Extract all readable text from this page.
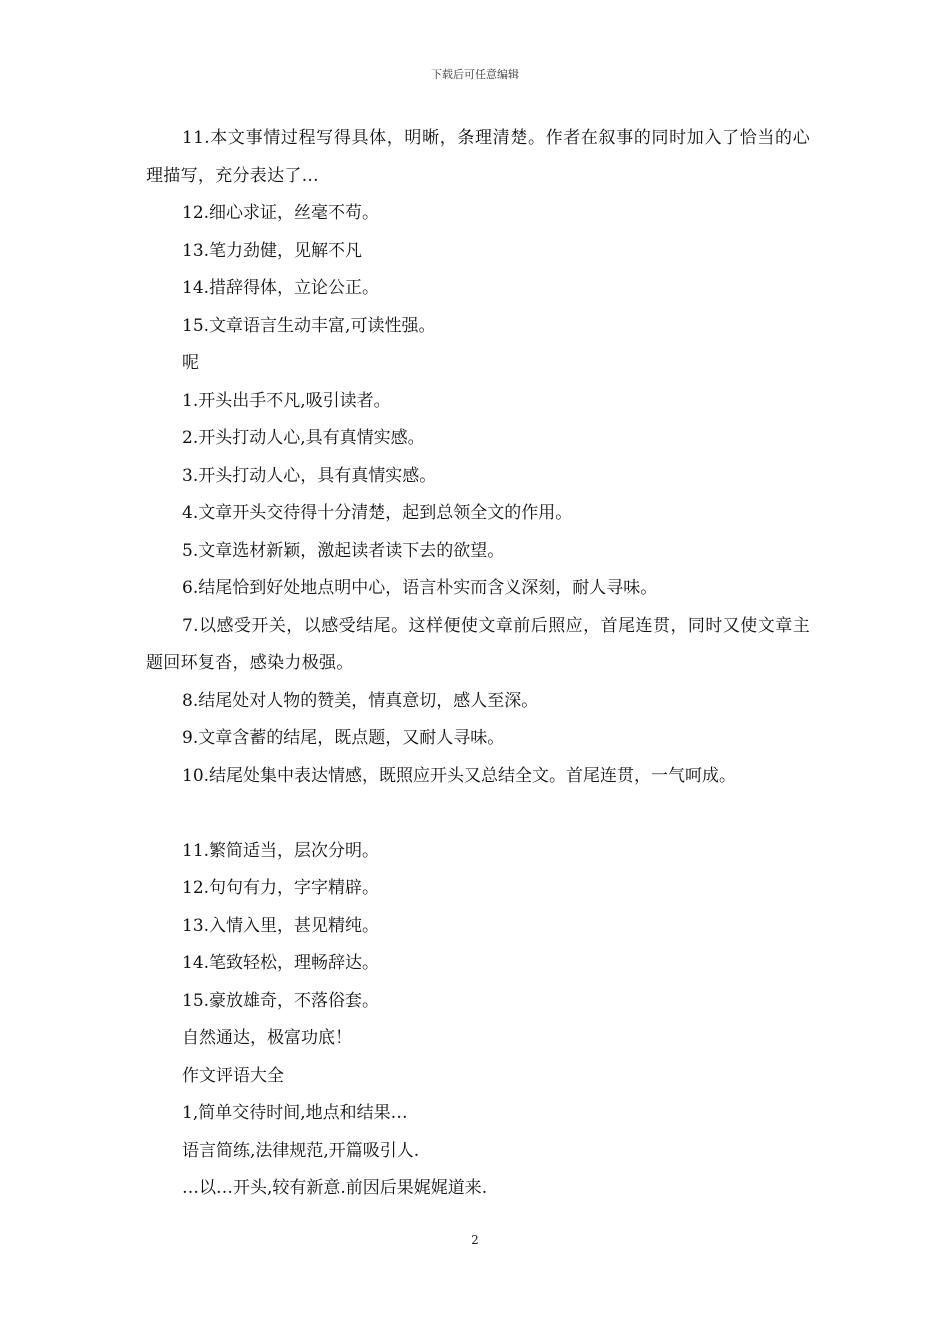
下载后可任意编辑
11.本文事情过程写得具体，明晰，条理清楚。作者在叙事的同时加入了恰当的心理描写，充分表达了...
12.细心求证，丝毫不苟。
13.笔力劲健，见解不凡
14.措辞得体，立论公正。
15.文章语言生动丰富,可读性强。
呢
1.开头出手不凡,吸引读者。
2.开头打动人心,具有真情实感。
3.开头打动人心，具有真情实感。
4.文章开头交待得十分清楚，起到总领全文的作用。
5.文章选材新颖，激起读者读下去的欲望。
6.结尾恰到好处地点明中心，语言朴实而含义深刻，耐人寻味。
7.以感受开关，以感受结尾。这样便使文章前后照应，首尾连贯，同时又使文章主题回环复沓，感染力极强。
8.结尾处对人物的赞美，情真意切，感人至深。
9.文章含蓄的结尾，既点题，又耐人寻味。
10.结尾处集中表达情感，既照应开头又总结全文。首尾连贯，一气呵成。
11.繁简适当，层次分明。
12.句句有力，字字精辟。
13.入情入里，甚见精纯。
14.笔致轻松，理畅辞达。
15.豪放雄奇，不落俗套。
自然通达，极富功底！
作文评语大全
1,简单交待时间,地点和结果…
语言简练,法律规范,开篇吸引人.
…以…开头,较有新意.前因后果娓娓道来.
2
